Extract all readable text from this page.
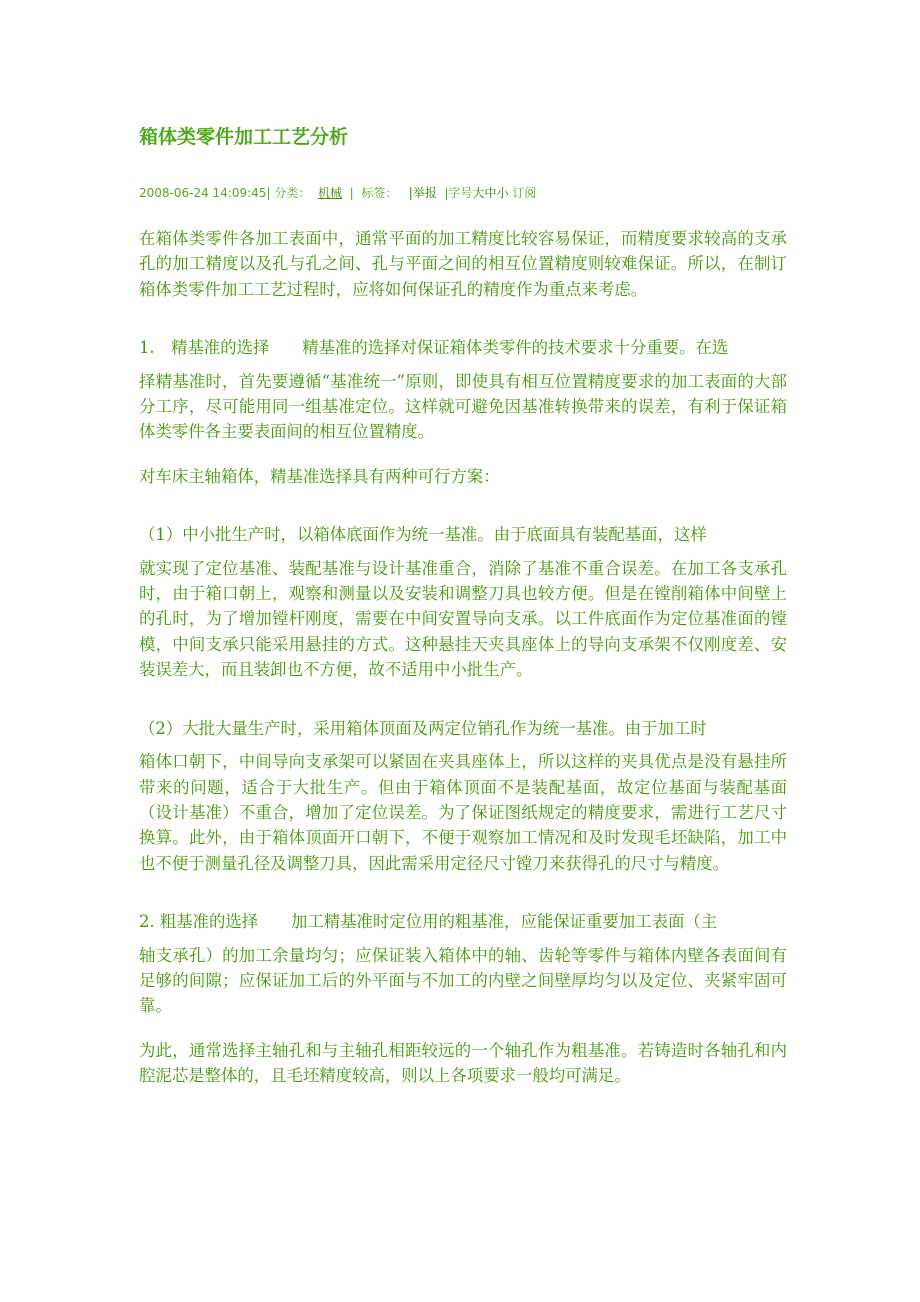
箱体类零件加工工艺分析
2008-06-24 14:09:45| 分类： 机械 | 标签： |举报 |字号大中小 订阅

在箱体类零件各加工表面中，通常平面的加工精度比较容易保证，而精度要求较高的支承孔的加工精度以及孔与孔之间、孔与平面之间的相互位置精度则较难保证。所以，在制订箱体类零件加工工艺过程时，应将如何保证孔的精度作为重点来考虑。

1.　精基准的选择　　精基准的选择对保证箱体类零件的技术要求十分重要。在选
择精基准时，首先要遵循“基准统一”原则，即使具有相互位置精度要求的加工表面的大部分工序，尽可能用同一组基准定位。这样就可避免因基准转换带来的误差，有利于保证箱体类零件各主要表面间的相互位置精度。

对车床主轴箱体，精基准选择具有两种可行方案：

（1）中小批生产时，以箱体底面作为统一基准。由于底面具有装配基面，这样
就实现了定位基准、装配基准与设计基准重合，消除了基准不重合误差。在加工各支承孔时，由于箱口朝上，观察和测量以及安装和调整刀具也较方便。但是在镗削箱体中间壁上的孔时，为了增加镗杆刚度，需要在中间安置导向支承。以工件底面作为定位基准面的镗模，中间支承只能采用悬挂的方式。这种悬挂天夹具座体上的导向支承架不仅刚度差、安装误差大，而且装卸也不方便，故不适用中小批生产。

（2）大批大量生产时，采用箱体顶面及两定位销孔作为统一基准。由于加工时
箱体口朝下，中间导向支承架可以紧固在夹具座体上，所以这样的夹具优点是没有悬挂所带来的问题，适合于大批生产。但由于箱体顶面不是装配基面，故定位基面与装配基面（设计基准）不重合，增加了定位误差。为了保证图纸规定的精度要求，需进行工艺尺寸换算。此外，由于箱体顶面开口朝下，不便于观察加工情况和及时发现毛坯缺陷，加工中也不便于测量孔径及调整刀具，因此需采用定径尺寸镗刀来获得孔的尺寸与精度。

2. 粗基准的选择　　加工精基准时定位用的粗基准，应能保证重要加工表面（主
轴支承孔）的加工余量均匀；应保证装入箱体中的轴、齿轮等零件与箱体内壁各表面间有足够的间隙；应保证加工后的外平面与不加工的内壁之间壁厚均匀以及定位、夹紧牢固可靠。

为此，通常选择主轴孔和与主轴孔相距较远的一个轴孔作为粗基准。若铸造时各轴孔和内腔泥芯是整体的，且毛坯精度较高，则以上各项要求一般均可满足。
